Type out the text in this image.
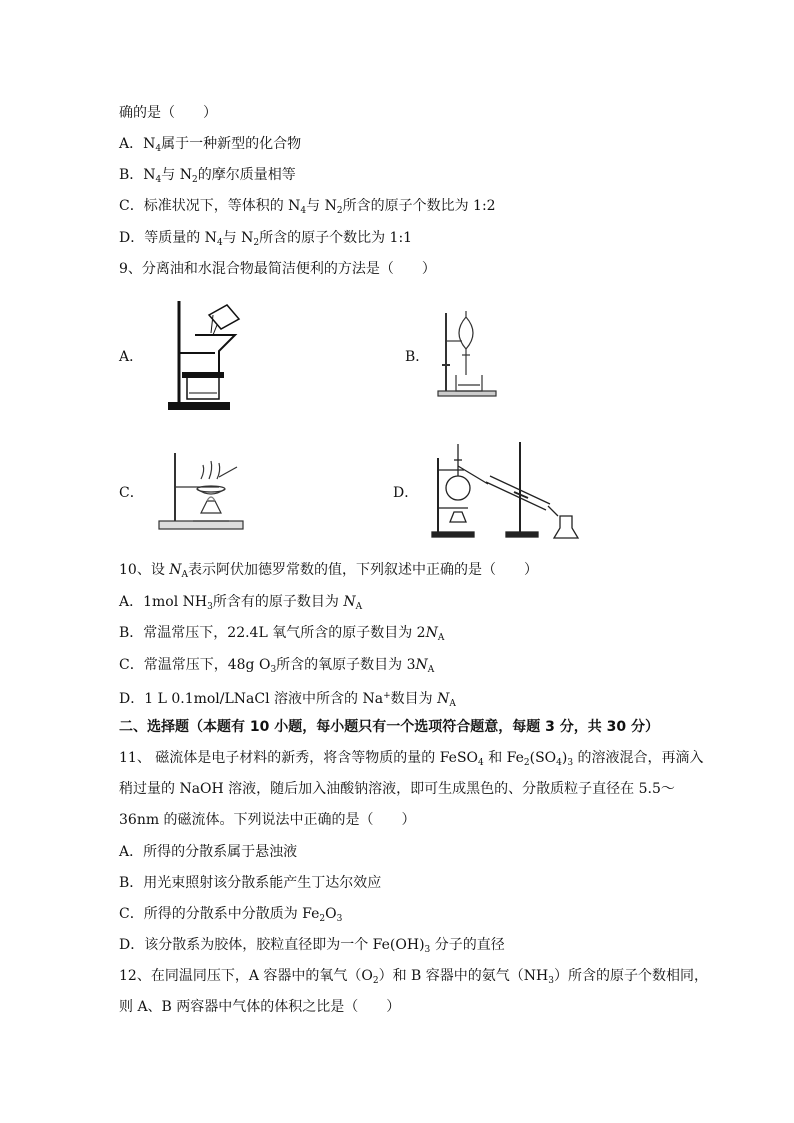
确的是（　　）
A．$N_4$属于一种新型的化合物
B．$N_4$与 $N_2$的摩尔质量相等
C．标准状况下，等体积的 $N_4$与 $N_2$所含的原子个数比为 1:2
D．等质量的 $N_4$与 $N_2$所含的原子个数比为 1:1
9、分离油和水混合物最简洁便利的方法是（　　）
A．	B．
C．	D．
10、设 $N_A$表示阿伏加德罗常数的值，下列叙述中正确的是（　　）
A．1mol $NH_3$所含有的原子数目为 $N_A$
B．常温常压下，22.4L 氧气所含的原子数目为 $2N_A$
C．常温常压下，48g $O_3$所含的氧原子数目为 $3N_A$
D．1 L 0.1mol/LNaCl 溶液中所含的 Na+数目为 $N_A$
二、选择题（本题有 10 小题，每小题只有一个选项符合题意，每题 3 分，共 30 分）
11、 磁流体是电子材料的新秀，将含等物质的量的 FeSO$_4$ 和 $Fe_2(SO_4)_3$ 的溶液混合，再滴入
稍过量的 NaOH 溶液，随后加入油酸钠溶液，即可生成黑色的、分散质粒子直径在 5.5～
36nm 的磁流体。下列说法中正确的是（　　）
A．所得的分散系属于悬浊液
B．用光束照射该分散系能产生丁达尔效应
C．所得的分散系中分散质为 $Fe_2O_3$
D．该分散系为胶体，胶粒直径即为一个 $Fe(OH)_3$ 分子的直径
12、在同温同压下，A 容器中的氧气$(O_2)$和 B 容器中的氨气$(NH_3)$所含的原子个数相同，
则 A、B 两容器中气体的体积之比是（　　）
